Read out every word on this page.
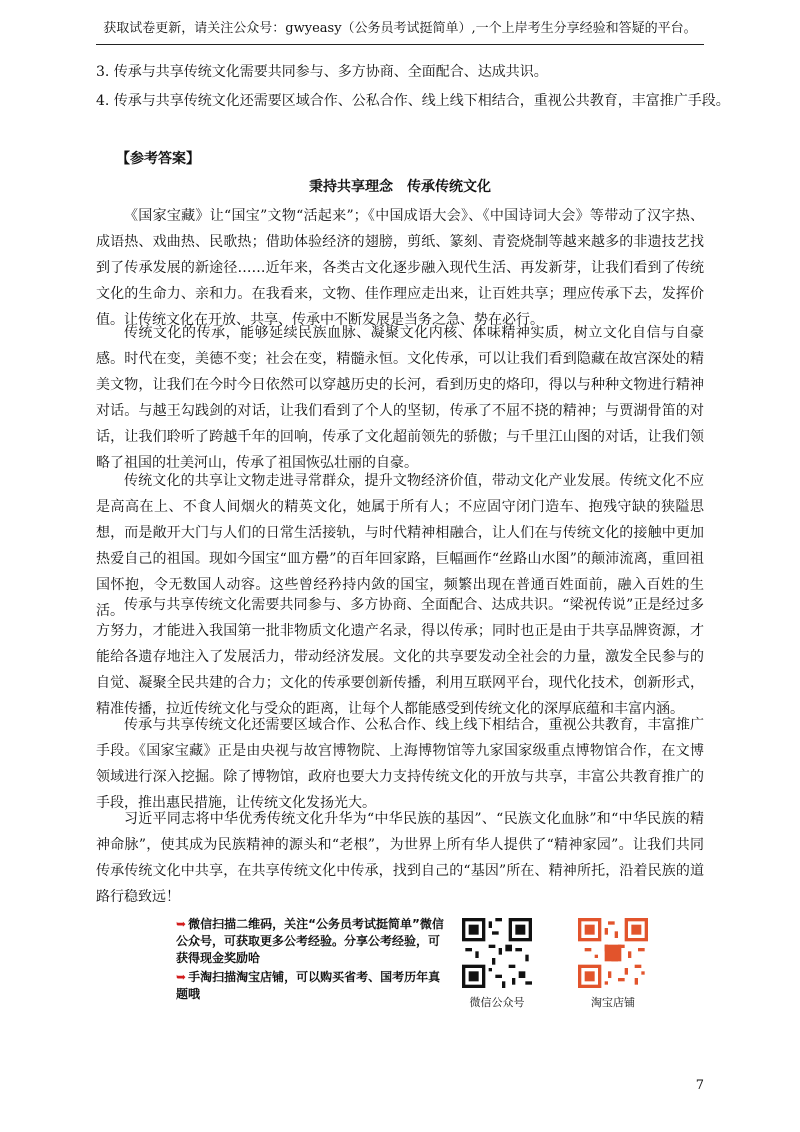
获取试卷更新，请关注公众号：gwyeasy（公务员考试挺简单）,一个上岸考生分享经验和答疑的平台。
3. 传承与共享传统文化需要共同参与、多方协商、全面配合、达成共识。
4. 传承与共享传统文化还需要区域合作、公私合作、线上线下相结合，重视公共教育，丰富推广手段。
【参考答案】
秉持共享理念　传承传统文化

《国家宝藏》让“国宝”文物“活起来”；《中国成语大会》、《中国诗词大会》等带动了汉字热、成语热、戏曲热、民歌热；借助体验经济的翅膀，剪纸、篆刻、青瓷烧制等越来越多的非遗技艺找到了传承发展的新途径……近年来，各类古文化逐步融入现代生活、再发新芽，让我们看到了传统文化的生命力、亲和力。在我看来，文物、佳作理应走出来，让百姓共享；理应传承下去，发挥价值。让传统文化在开放、共享、传承中不断发展是当务之急、势在必行。

传统文化的传承，能够延续民族血脉、凝聚文化内核、体味精神实质，树立文化自信与自豪感。时代在变，美德不变；社会在变，精髓永恒。文化传承，可以让我们看到隐藏在故宫深处的精美文物，让我们在今时今日依然可以穿越历史的长河，看到历史的烙印，得以与种种文物进行精神对话。与越王勾践剑的对话，让我们看到了个人的坚韧，传承了不屈不挠的精神；与贾湖骨笛的对话，让我们聆听了跨越千年的回响，传承了文化超前领先的骄傲；与千里江山图的对话，让我们领略了祖国的壮美河山，传承了祖国恢弘壮丽的自豪。

传统文化的共享让文物走进寻常群众，提升文物经济价值，带动文化产业发展。传统文化不应是高高在上、不食人间烟火的精英文化，她属于所有人；不应固守闭门造车、抱残守缺的狭隘思想，而是敞开大门与人们的日常生活接轨，与时代精神相融合，让人们在与传统文化的接触中更加热爱自己的祖国。现如今国宝“皿方罍”的百年回家路，巨幅画作“丝路山水图”的颠沛流离，重回祖国怀抱，令无数国人动容。这些曾经矜持内敛的国宝，频繁出现在普通百姓面前，融入百姓的生活。 传承与共享传统文化需要共同参与、多方协商、全面配合、达成共识。“梁祝传说”正是经过多方努力，才能进入我国第一批非物质文化遗产名录，得以传承；同时也正是由于共享品牌资源，才能给各遗存地注入了发展活力，带动经济发展。文化的共享要发动全社会的力量，激发全民参与的自觉、凝聚全民共建的合力；文化的传承要创新传播，利用互联网平台，现代化技术，创新形式，精准传播，拉近传统文化与受众的距离，让每个人都能感受到传统文化的深厚底蕴和丰富内涵。

传承与共享传统文化还需要区域合作、公私合作、线上线下相结合，重视公共教育，丰富推广手段。《国家宝藏》正是由央视与故宫博物院、上海博物馆等九家国家级重点博物馆合作，在文博领域进行深入挖掘。除了博物馆，政府也要大力支持传统文化的开放与共享，丰富公共教育推广的手段，推出惠民措施，让传统文化发扬光大。

习近平同志将中华优秀传统文化升华为“中华民族的基因”、“民族文化血脉”和“中华民族的精神命脉”，使其成为民族精神的源头和“老根”，为世界上所有华人提供了“精神家园”。让我们共同传承传统文化中共享，在共享传统文化中传承，找到自己的“基因”所在、精神所托，沿着民族的道路行稳致远！

➥ 微信扫描二维码，关注“公务员考试挺简单”微信公众号，可获取更多公考经验。分享公考经验，可获得现金奖励哈
➥ 手淘扫描淘宝店铺，可以购买省考、国考历年真题哦
微信公众号	淘宝店铺
7
